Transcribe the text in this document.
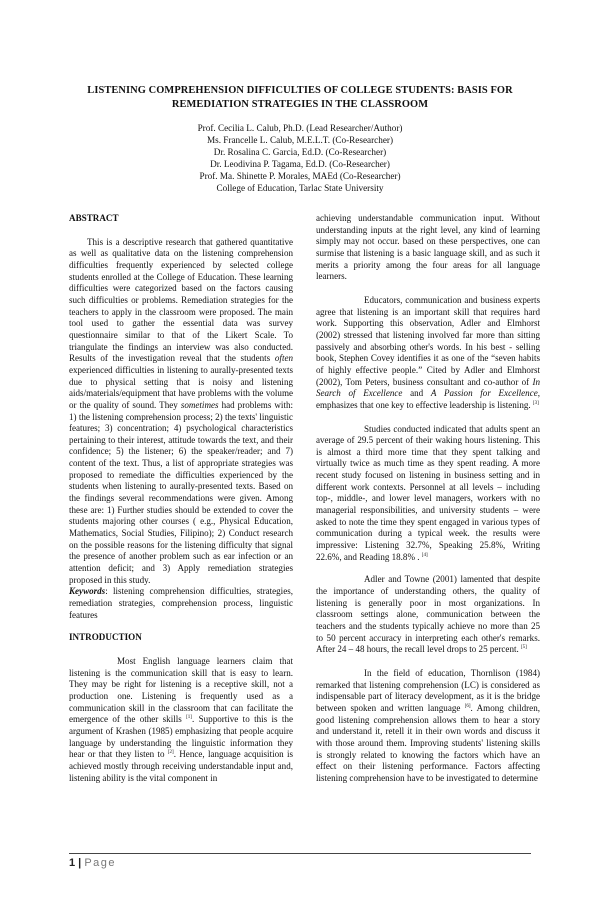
LISTENING COMPREHENSION DIFFICULTIES OF COLLEGE STUDENTS: BASIS FOR REMEDIATION STRATEGIES IN THE CLASSROOM
Prof. Cecilia L. Calub, Ph.D. (Lead Researcher/Author)
Ms. Francelle L. Calub, M.E.L.T. (Co-Researcher)
Dr. Rosalina C. Garcia, Ed.D. (Co-Researcher)
Dr. Leodivina P. Tagama, Ed.D. (Co-Researcher)
Prof. Ma. Shinette P. Morales, MAEd (Co-Researcher)
College of Education, Tarlac State University

ABSTRACT

This is a descriptive research that gathered quantitative as well as qualitative data on the listening comprehension difficulties frequently experienced by selected college students enrolled at the College of Education. These learning difficulties were categorized based on the factors causing such difficulties or problems. Remediation strategies for the teachers to apply in the classroom were proposed. The main tool used to gather the essential data was survey questionnaire similar to that of the Likert Scale. To triangulate the findings an interview was also conducted. Results of the investigation reveal that the students often experienced difficulties in listening to aurally-presented texts due to physical setting that is noisy and listening aids/materials/equipment that have problems with the volume or the quality of sound. They sometimes had problems with: 1) the listening comprehension process; 2) the texts' linguistic features; 3) concentration; 4) psychological characteristics pertaining to their interest, attitude towards the text, and their confidence; 5) the listener; 6) the speaker/reader; and 7) content of the text. Thus, a list of appropriate strategies was proposed to remediate the difficulties experienced by the students when listening to aurally-presented texts. Based on the findings several recommendations were given. Among these are: 1) Further studies should be extended to cover the students majoring other courses ( e.g., Physical Education, Mathematics, Social Studies, Filipino); 2) Conduct research on the possible reasons for the listening difficulty that signal the presence of another problem such as ear infection or an attention deficit; and 3) Apply remediation strategies proposed in this study.

Keywords: listening comprehension difficulties, strategies, remediation strategies, comprehension process, linguistic features

INTRODUCTION

Most English language learners claim that listening is the communication skill that is easy to learn. They may be right for listening is a receptive skill, not a production one. Listening is frequently used as a communication skill in the classroom that can facilitate the emergence of the other skills [1]. Supportive to this is the argument of Krashen (1985) emphasizing that people acquire language by understanding the linguistic information they hear or that they listen to [2]. Hence, language acquisition is achieved mostly through receiving understandable input and, listening ability is the vital component in

achieving understandable communication input. Without understanding inputs at the right level, any kind of learning simply may not occur. based on these perspectives, one can surmise that listening is a basic language skill, and as such it merits a priority among the four areas for all language learners.

Educators, communication and business experts agree that listening is an important skill that requires hard work. Supporting this observation, Adler and Elmhorst (2002) stressed that listening involved far more than sitting passively and absorbing other's words. In his best - selling book, Stephen Covey identifies it as one of the “seven habits of highly effective people.” Cited by Adler and Elmhorst (2002), Tom Peters, business consultant and co-author of In Search of Excellence and A Passion for Excellence, emphasizes that one key to effective leadership is listening. [3]

Studies conducted indicated that adults spent an average of 29.5 percent of their waking hours listening. This is almost a third more time that they spent talking and virtually twice as much time as they spent reading. A more recent study focused on listening in business setting and in different work contexts. Personnel at all levels – including top-, middle-, and lower level managers, workers with no managerial responsibilities, and university students – were asked to note the time they spent engaged in various types of communication during a typical week. the results were impressive: Listening 32.7%, Speaking 25.8%, Writing 22.6%, and Reading 18.8% . [4]

Adler and Towne (2001) lamented that despite the importance of understanding others, the quality of listening is generally poor in most organizations. In classroom settings alone, communication between the teachers and the students typically achieve no more than 25 to 50 percent accuracy in interpreting each other's remarks. After 24 – 48 hours, the recall level drops to 25 percent. [5]

In the field of education, Thornlison (1984) remarked that listening comprehension (LC) is considered as indispensable part of literacy development, as it is the bridge between spoken and written language [6]. Among children, good listening comprehension allows them to hear a story and understand it, retell it in their own words and discuss it with those around them. Improving students' listening skills is strongly related to knowing the factors which have an effect on their listening performance. Factors affecting listening comprehension have to be investigated to determine

1 | Page
